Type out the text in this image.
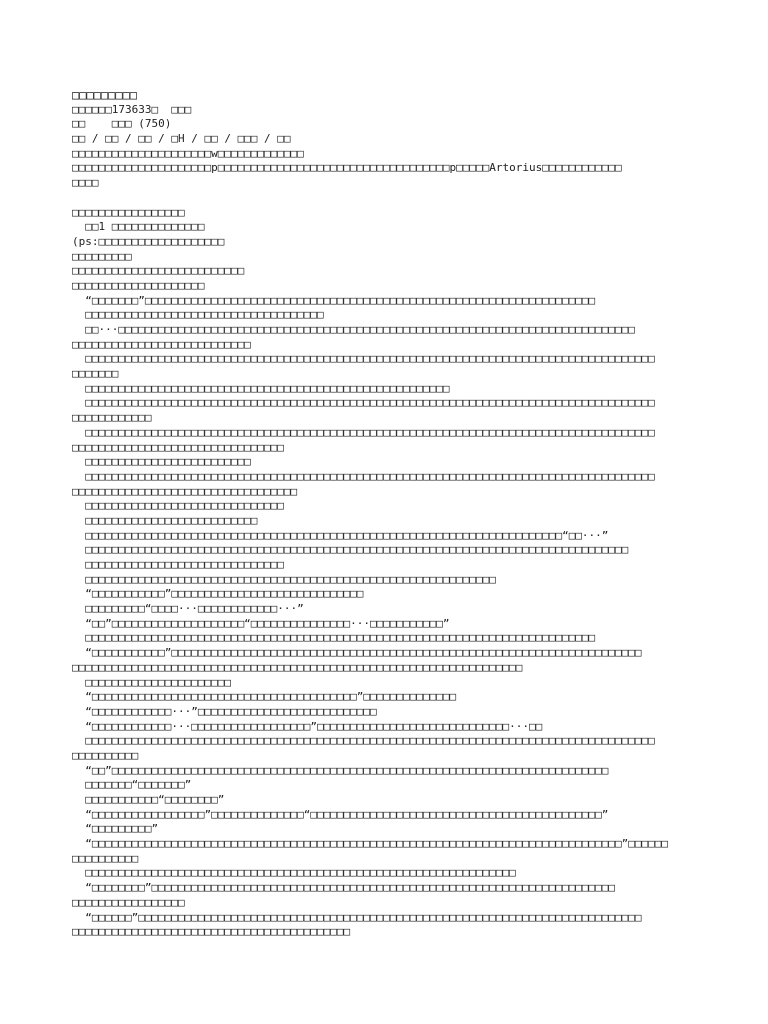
□□□□□□□□□
□□□□□□173633□  □□□
□□    □□□ (750)
□□ / □□ / □□ / □H / □□ / □□□ / □□
□□□□□□□□□□□□□□□□□□□□□w□□□□□□□□□□□□□
□□□□□□□□□□□□□□□□□□□□□p□□□□□□□□□□□□□□□□□□□□□□□□□□□□□□□□□□□p□□□□□Artorius□□□□□□□□□□□□
□□□□
□□□□□□□□□□□□□□□□□
□□1 □□□□□□□□□□□□□□
(ps:□□□□□□□□□□□□□□□□□□□
□□□□□□□□□
□□□□□□□□□□□□□□□□□□□□□□□□□□
□□□□□□□□□□□□□□□□□□□□
“□□□□□□□”□□□□□□□□□□□□□□□□□□□□□□□□□□□□□□□□□□□□□□□□□□□□□□□□□□□□□□□□□□□□□□□□□□□□
□□□□□□□□□□□□□□□□□□□□□□□□□□□□□□□□□□□□
□□···□□□□□□□□□□□□□□□□□□□□□□□□□□□□□□□□□□□□□□□□□□□□□□□□□□□□□□□□□□□□□□□□□□□□□□□□□□□□□□
□□□□□□□□□□□□□□□□□□□□□□□□□□□
□□□□□□□□□□□□□□□□□□□□□□□□□□□□□□□□□□□□□□□□□□□□□□□□□□□□□□□□□□□□□□□□□□□□□□□□□□□□□□□□□□□□□□
□□□□□□□
□□□□□□□□□□□□□□□□□□□□□□□□□□□□□□□□□□□□□□□□□□□□□□□□□□□□□□□
□□□□□□□□□□□□□□□□□□□□□□□□□□□□□□□□□□□□□□□□□□□□□□□□□□□□□□□□□□□□□□□□□□□□□□□□□□□□□□□□□□□□□□
□□□□□□□□□□□□
□□□□□□□□□□□□□□□□□□□□□□□□□□□□□□□□□□□□□□□□□□□□□□□□□□□□□□□□□□□□□□□□□□□□□□□□□□□□□□□□□□□□□□
□□□□□□□□□□□□□□□□□□□□□□□□□□□□□□□□
□□□□□□□□□□□□□□□□□□□□□□□□□
□□□□□□□□□□□□□□□□□□□□□□□□□□□□□□□□□□□□□□□□□□□□□□□□□□□□□□□□□□□□□□□□□□□□□□□□□□□□□□□□□□□□□□
□□□□□□□□□□□□□□□□□□□□□□□□□□□□□□□□□□
□□□□□□□□□□□□□□□□□□□□□□□□□□□□□□
□□□□□□□□□□□□□□□□□□□□□□□□□□
□□□□□□□□□□□□□□□□□□□□□□□□□□□□□□□□□□□□□□□□□□□□□□□□□□□□□□□□□□□□□□□□□□□□□□□□“□□···”
□□□□□□□□□□□□□□□□□□□□□□□□□□□□□□□□□□□□□□□□□□□□□□□□□□□□□□□□□□□□□□□□□□□□□□□□□□□□□□□□□□
□□□□□□□□□□□□□□□□□□□□□□□□□□□□□□
□□□□□□□□□□□□□□□□□□□□□□□□□□□□□□□□□□□□□□□□□□□□□□□□□□□□□□□□□□□□□□
“□□□□□□□□□□□”□□□□□□□□□□□□□□□□□□□□□□□□□□□□□
□□□□□□□□□“□□□□···□□□□□□□□□□□□···”
“□□”□□□□□□□□□□□□□□□□□□□□“□□□□□□□□□□□□□□□···□□□□□□□□□□□”
□□□□□□□□□□□□□□□□□□□□□□□□□□□□□□□□□□□□□□□□□□□□□□□□□□□□□□□□□□□□□□□□□□□□□□□□□□□□□
“□□□□□□□□□□□”□□□□□□□□□□□□□□□□□□□□□□□□□□□□□□□□□□□□□□□□□□□□□□□□□□□□□□□□□□□□□□□□□□□□□□□
□□□□□□□□□□□□□□□□□□□□□□□□□□□□□□□□□□□□□□□□□□□□□□□□□□□□□□□□□□□□□□□□□□□□
□□□□□□□□□□□□□□□□□□□□□□
“□□□□□□□□□□□□□□□□□□□□□□□□□□□□□□□□□□□□□□□□”□□□□□□□□□□□□□□
“□□□□□□□□□□□□···”□□□□□□□□□□□□□□□□□□□□□□□□□□□
“□□□□□□□□□□□□···□□□□□□□□□□□□□□□□□□”□□□□□□□□□□□□□□□□□□□□□□□□□□□□□···□□
□□□□□□□□□□□□□□□□□□□□□□□□□□□□□□□□□□□□□□□□□□□□□□□□□□□□□□□□□□□□□□□□□□□□□□□□□□□□□□□□□□□□□□
□□□□□□□□□□
“□□”□□□□□□□□□□□□□□□□□□□□□□□□□□□□□□□□□□□□□□□□□□□□□□□□□□□□□□□□□□□□□□□□□□□□□□□□□□□
□□□□□□□“□□□□□□□”
□□□□□□□□□□□“□□□□□□□□”
“□□□□□□□□□□□□□□□□□”□□□□□□□□□□□□□□“□□□□□□□□□□□□□□□□□□□□□□□□□□□□□□□□□□□□□□□□□□□□”
“□□□□□□□□□”
“□□□□□□□□□□□□□□□□□□□□□□□□□□□□□□□□□□□□□□□□□□□□□□□□□□□□□□□□□□□□□□□□□□□□□□□□□□□□□□□□”□□□□□□
□□□□□□□□□□
□□□□□□□□□□□□□□□□□□□□□□□□□□□□□□□□□□□□□□□□□□□□□□□□□□□□□□□□□□□□□□□□□
“□□□□□□□□”□□□□□□□□□□□□□□□□□□□□□□□□□□□□□□□□□□□□□□□□□□□□□□□□□□□□□□□□□□□□□□□□□□□□□□
□□□□□□□□□□□□□□□□□
“□□□□□□”□□□□□□□□□□□□□□□□□□□□□□□□□□□□□□□□□□□□□□□□□□□□□□□□□□□□□□□□□□□□□□□□□□□□□□□□□□□□
□□□□□□□□□□□□□□□□□□□□□□□□□□□□□□□□□□□□□□□□□□
